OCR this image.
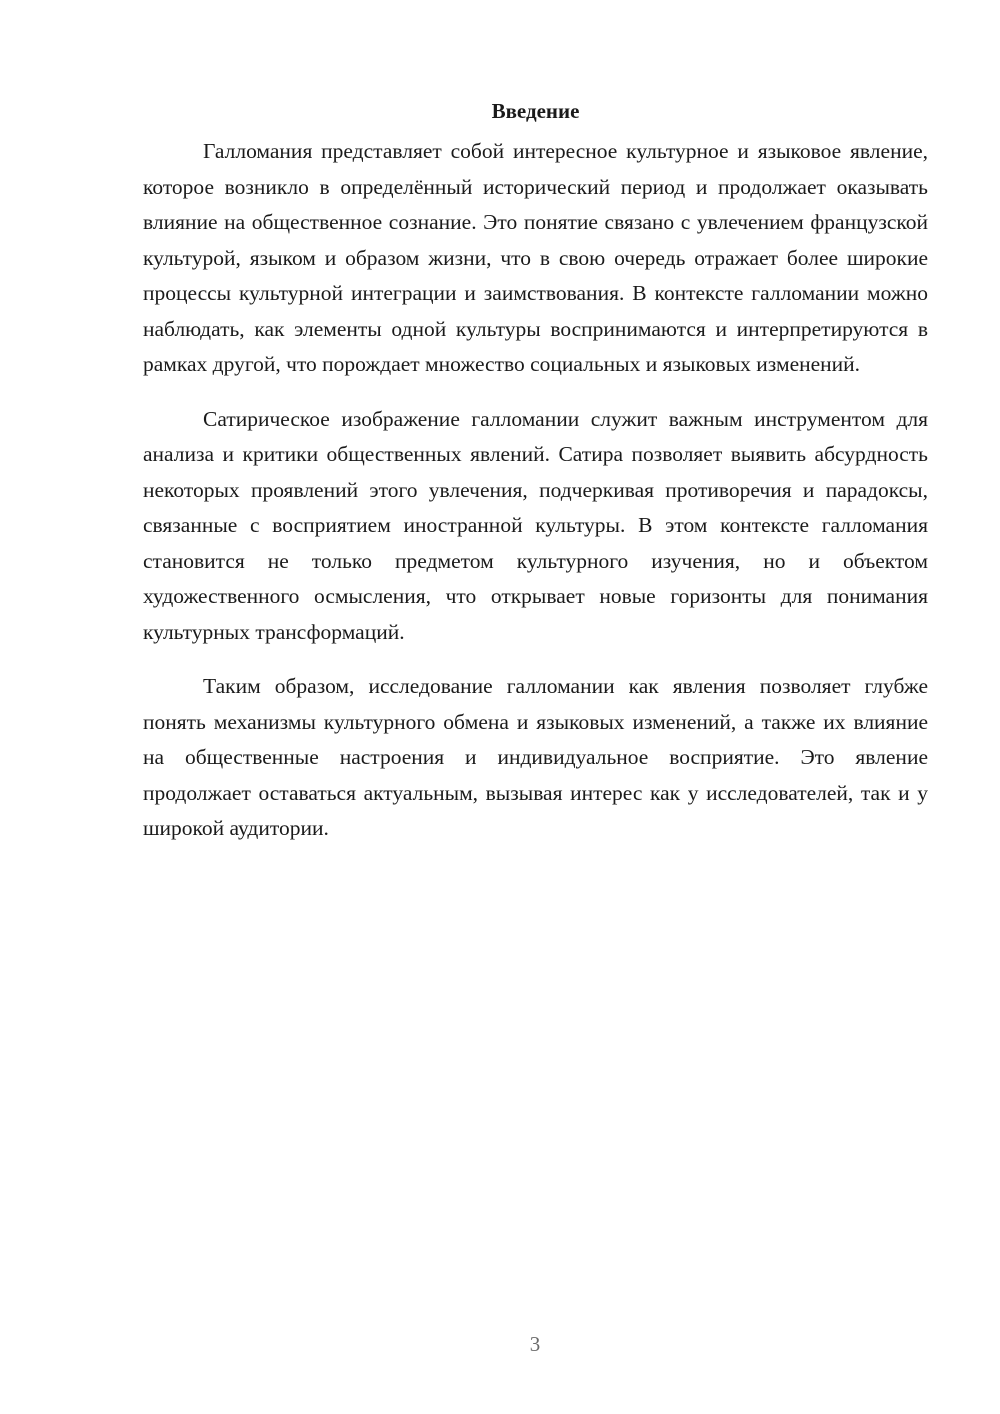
Введение

Галломания представляет собой интересное культурное и языковое явление, которое возникло в определённый исторический период и продолжает оказывать влияние на общественное сознание. Это понятие связано с увлечением французской культурой, языком и образом жизни, что в свою очередь отражает более широкие процессы культурной интеграции и заимствования. В контексте галломании можно наблюдать, как элементы одной культуры воспринимаются и интерпретируются в рамках другой, что порождает множество социальных и языковых изменений.

Сатирическое изображение галломании служит важным инструментом для анализа и критики общественных явлений. Сатира позволяет выявить абсурдность некоторых проявлений этого увлечения, подчеркивая противоречия и парадоксы, связанные с восприятием иностранной культуры. В этом контексте галломания становится не только предметом культурного изучения, но и объектом художественного осмысления, что открывает новые горизонты для понимания культурных трансформаций.

Таким образом, исследование галломании как явления позволяет глубже понять механизмы культурного обмена и языковых изменений, а также их влияние на общественные настроения и индивидуальное восприятие. Это явление продолжает оставаться актуальным, вызывая интерес как у исследователей, так и у широкой аудитории.

3
